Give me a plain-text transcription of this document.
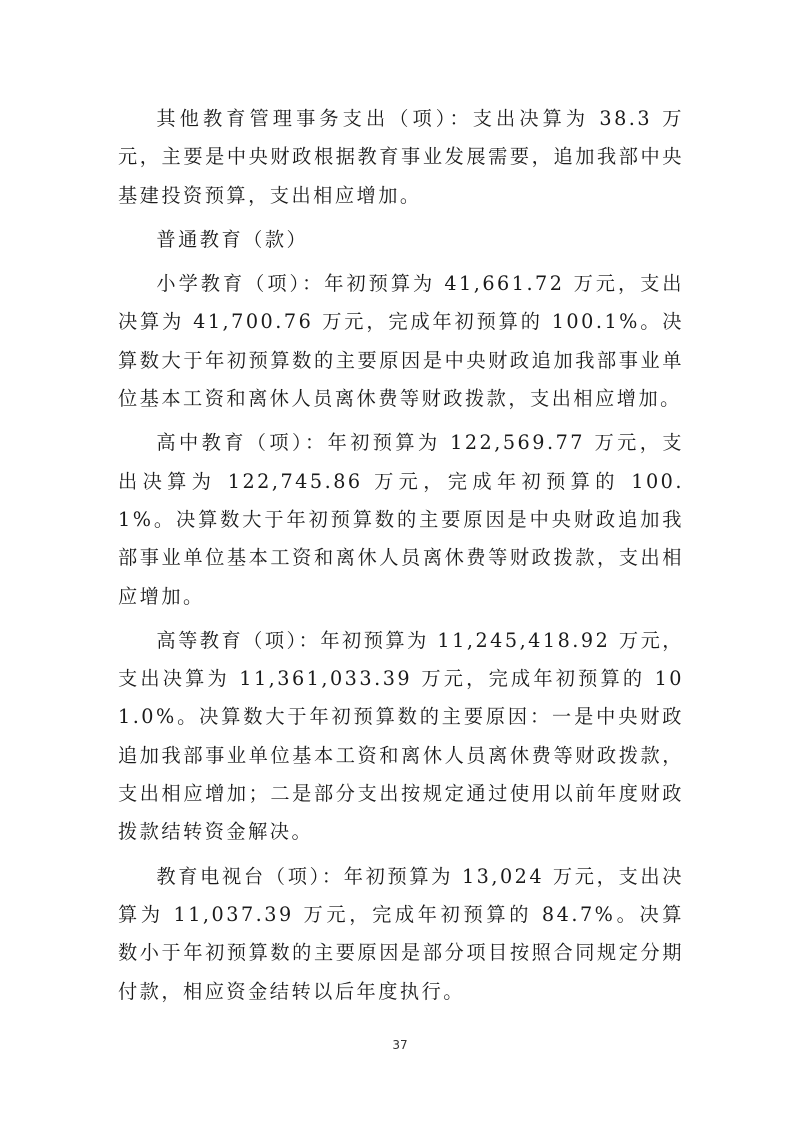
其他教育管理事务支出（项）：支出决算为 38.3 万元，主要是中央财政根据教育事业发展需要，追加我部中央基建投资预算，支出相应增加。

普通教育（款）

小学教育（项）：年初预算为 41,661.72 万元，支出决算为 41,700.76 万元，完成年初预算的 100.1%。决算数大于年初预算数的主要原因是中央财政追加我部事业单位基本工资和离休人员离休费等财政拨款，支出相应增加。

高中教育（项）：年初预算为 122,569.77 万元，支出决算为 122,745.86 万元，完成年初预算的 100.1%。决算数大于年初预算数的主要原因是中央财政追加我部事业单位基本工资和离休人员离休费等财政拨款，支出相应增加。

高等教育（项）：年初预算为 11,245,418.92 万元，支出决算为 11,361,033.39 万元，完成年初预算的 101.0%。决算数大于年初预算数的主要原因：一是中央财政追加我部事业单位基本工资和离休人员离休费等财政拨款，支出相应增加；二是部分支出按规定通过使用以前年度财政拨款结转资金解决。

教育电视台（项）：年初预算为 13,024 万元，支出决算为 11,037.39 万元，完成年初预算的 84.7%。决算数小于年初预算数的主要原因是部分项目按照合同规定分期付款，相应资金结转以后年度执行。

37
